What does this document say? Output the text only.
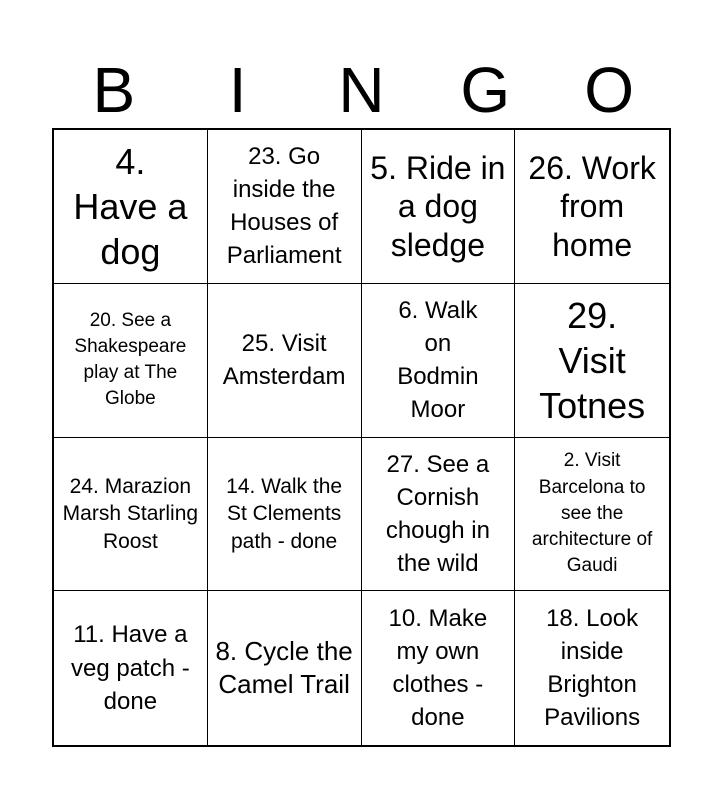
B	I	N	G	O
4. Have a dog
23. Go inside the Houses of Parliament
5. Ride in a dog sledge
26. Work from home
20. See a Shakespeare play at The Globe
25. Visit Amsterdam
6. Walk on Bodmin Moor
29. Visit Totnes
24. Marazion Marsh Starling Roost
14. Walk the St Clements path - done
27. See a Cornish chough in the wild
2. Visit Barcelona to see the architecture of Gaudi
11. Have a veg patch - done
8. Cycle the Camel Trail
10. Make my own clothes - done
18. Look inside Brighton Pavilions
